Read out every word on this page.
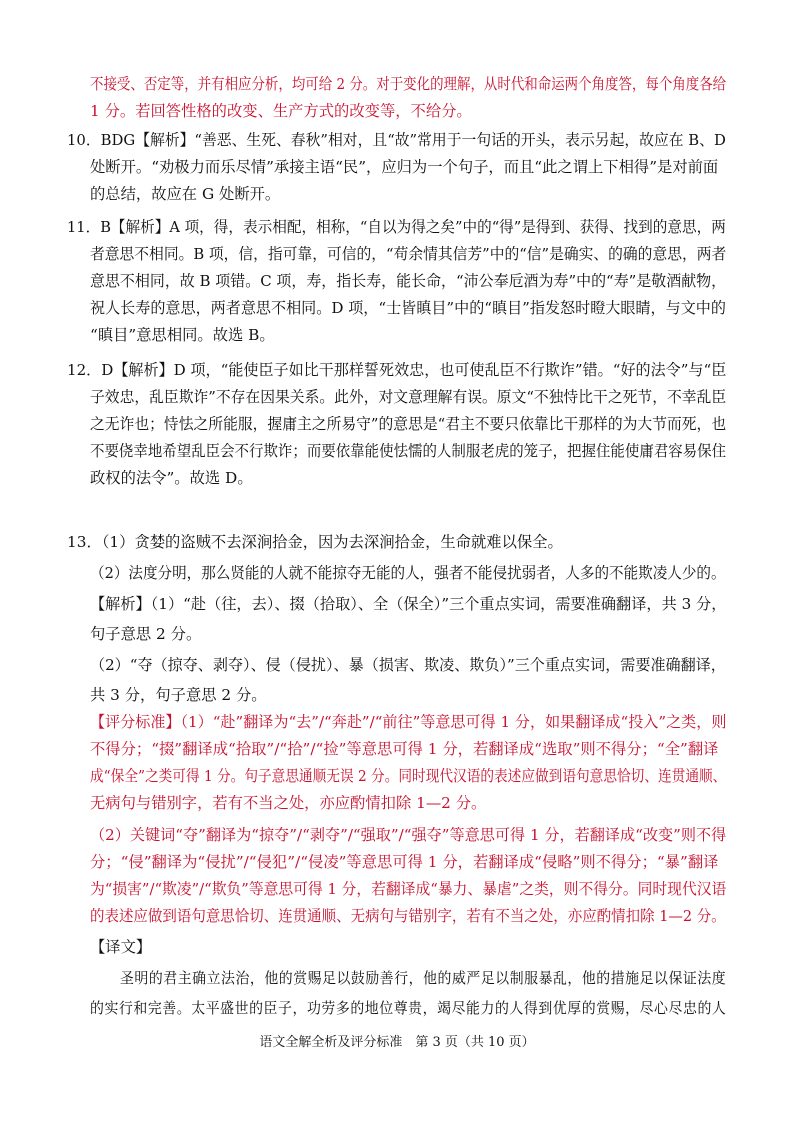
不接受、否定等，并有相应分析，均可给 2 分。对于变化的理解，从时代和命运两个角度答，每个角度各给
1 分。若回答性格的改变、生产方式的改变等，不给分。
10．BDG【解析】“善恶、生死、春秋”相对，且“故”常用于一句话的开头，表示另起，故应在 B、D
处断开。“劝极力而乐尽情”承接主语“民”，应归为一个句子，而且“此之谓上下相得”是对前面
的总结，故应在 G 处断开。
11．B【解析】A 项，得，表示相配，相称，“自以为得之矣”中的“得”是得到、获得、找到的意思，两
者意思不相同。B 项，信，指可靠，可信的，“苟余情其信芳”中的“信”是确实、的确的意思，两者
意思不相同，故 B 项错。C 项，寿，指长寿，能长命，“沛公奉卮酒为寿”中的“寿”是敬酒献物，
祝人长寿的意思，两者意思不相同。D 项，“士皆瞋目”中的“瞋目”指发怒时瞪大眼睛，与文中的
“瞋目”意思相同。故选 B。
12．D【解析】D 项，“能使臣子如比干那样誓死效忠，也可使乱臣不行欺诈”错。“好的法令”与“臣
子效忠，乱臣欺诈”不存在因果关系。此外，对文意理解有误。原文“不独恃比干之死节，不幸乱臣
之无诈也；恃怯之所能服，握庸主之所易守”的意思是“君主不要只依靠比干那样的为大节而死，也
不要侥幸地希望乱臣会不行欺诈；而要依靠能使怯懦的人制服老虎的笼子，把握住能使庸君容易保住
政权的法令”。故选 D。
13．（1）贪婪的盗贼不去深涧拾金，因为去深涧拾金，生命就难以保全。
（2）法度分明，那么贤能的人就不能掠夺无能的人，强者不能侵扰弱者，人多的不能欺凌人少的。
【解析】（1）“赴（往，去）、掇（拾取）、全（保全）”三个重点实词，需要准确翻译，共 3 分，
句子意思 2 分。
（2）“夺（掠夺、剥夺）、侵（侵扰）、暴（损害、欺凌、欺负）”三个重点实词，需要准确翻译，
共 3 分，句子意思 2 分。
【评分标准】（1）“赴”翻译为“去”/“奔赴”/“前往”等意思可得 1 分，如果翻译成“投入”之类，则
不得分；“掇”翻译成“拾取”/“拾”/“捡”等意思可得 1 分，若翻译成“选取”则不得分；“全”翻译
成“保全”之类可得 1 分。句子意思通顺无误 2 分。同时现代汉语的表述应做到语句意思恰切、连贯通顺、
无病句与错别字，若有不当之处，亦应酌情扣除 1—2 分。
（2）关键词“夺”翻译为“掠夺”/“剥夺”/“强取”/“强夺”等意思可得 1 分，若翻译成“改变”则不得
分；“侵”翻译为“侵扰”/“侵犯”/“侵凌”等意思可得 1 分，若翻译成“侵略”则不得分；“暴”翻译
为“损害”/“欺凌”/“欺负”等意思可得 1 分，若翻译成“暴力、暴虐”之类，则不得分。同时现代汉语
的表述应做到语句意思恰切、连贯通顺、无病句与错别字，若有不当之处，亦应酌情扣除 1—2 分。
【译文】
圣明的君主确立法治，他的赏赐足以鼓励善行，他的威严足以制服暴乱，他的措施足以保证法度
的实行和完善。太平盛世的臣子，功劳多的地位尊贵，竭尽能力的人得到优厚的赏赐，尽心尽忠的人
语文全解全析及评分标准　第 3 页（共 10 页）
